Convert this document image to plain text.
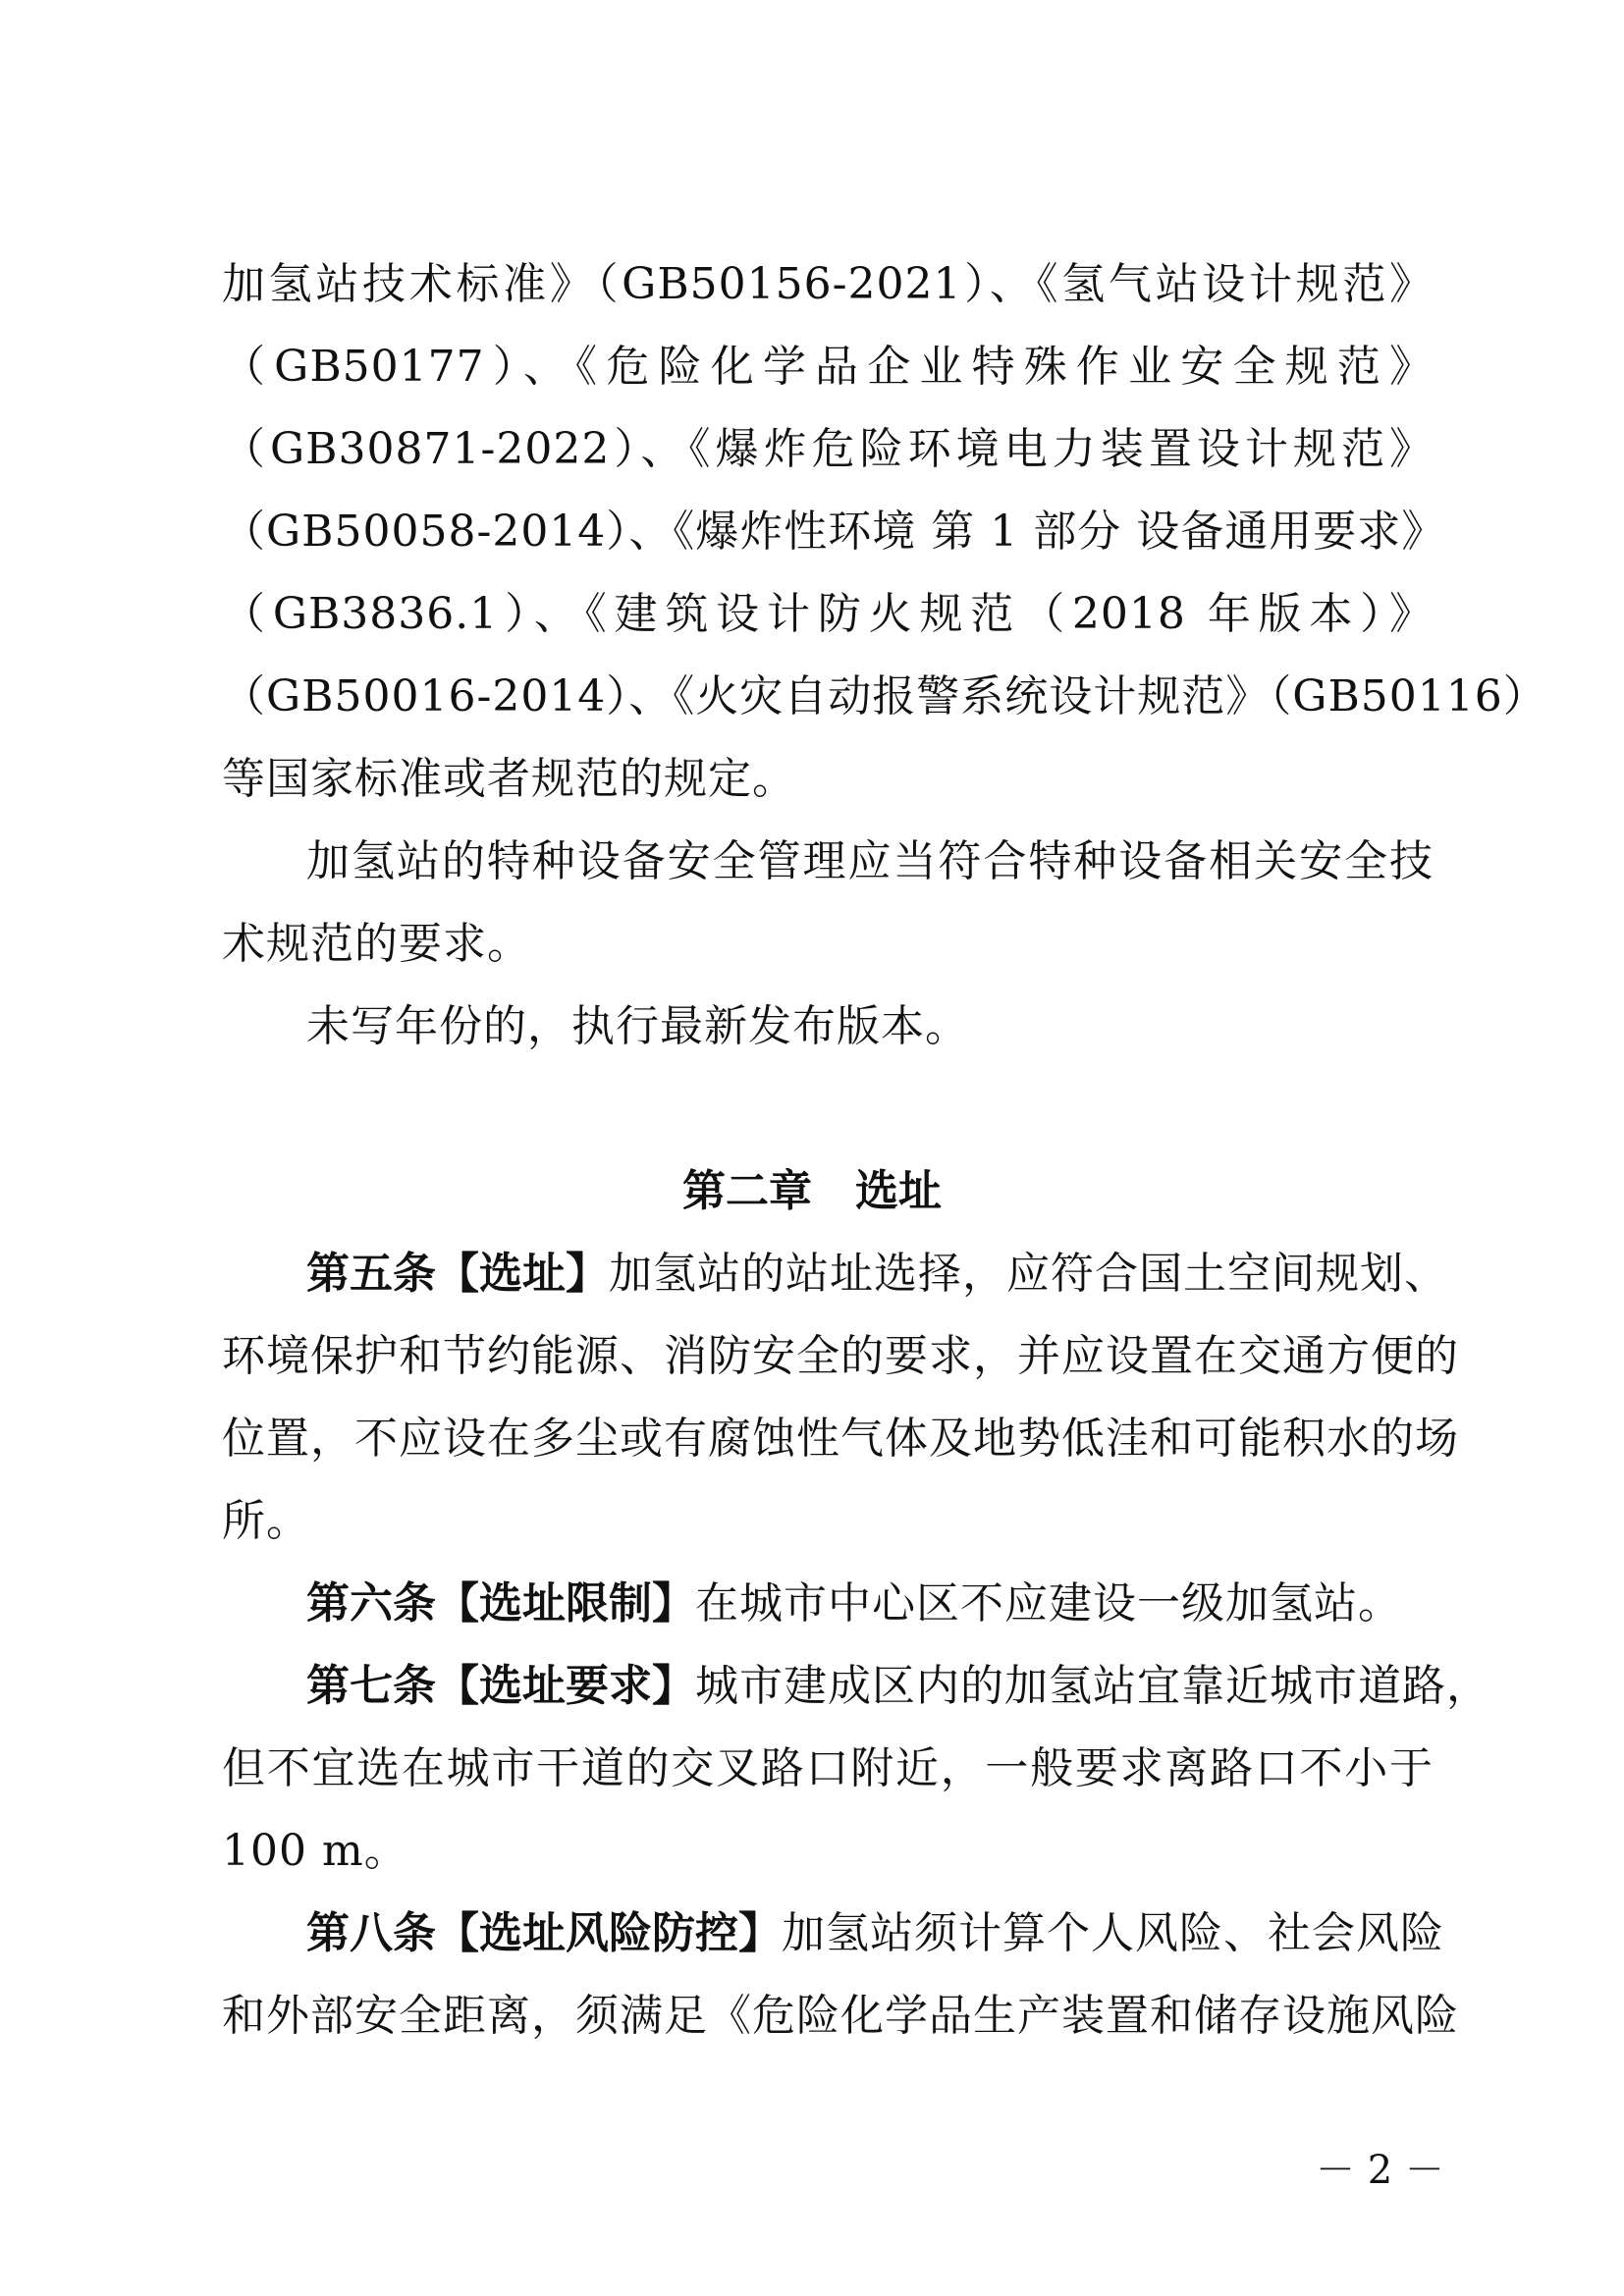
加氢站技术标准》（GB50156-2021）、《氢气站设计规范》
（GB50177）、《危险化学品企业特殊作业安全规范》
（GB30871-2022）、《爆炸危险环境电力装置设计规范》
（GB50058-2014）、《爆炸性环境 第 1 部分 设备通用要求》
（GB3836.1）、《建筑设计防火规范（2018 年版本）》
（GB50016-2014）、《火灾自动报警系统设计规范》（GB50116）
等国家标准或者规范的规定。
加氢站的特种设备安全管理应当符合特种设备相关安全技
术规范的要求。
未写年份的，执行最新发布版本。
第二章 选址
第五条【选址】加氢站的站址选择，应符合国土空间规划、
环境保护和节约能源、消防安全的要求，并应设置在交通方便的
位置，不应设在多尘或有腐蚀性气体及地势低洼和可能积水的场
所。
第六条【选址限制】在城市中心区不应建设一级加氢站。
第七条【选址要求】城市建成区内的加氢站宜靠近城市道路，
但不宜选在城市干道的交叉路口附近，一般要求离路口不小于
100 m。
第八条【选址风险防控】加氢站须计算个人风险、社会风险
和外部安全距离，须满足《危险化学品生产装置和储存设施风险
－ 2 －
